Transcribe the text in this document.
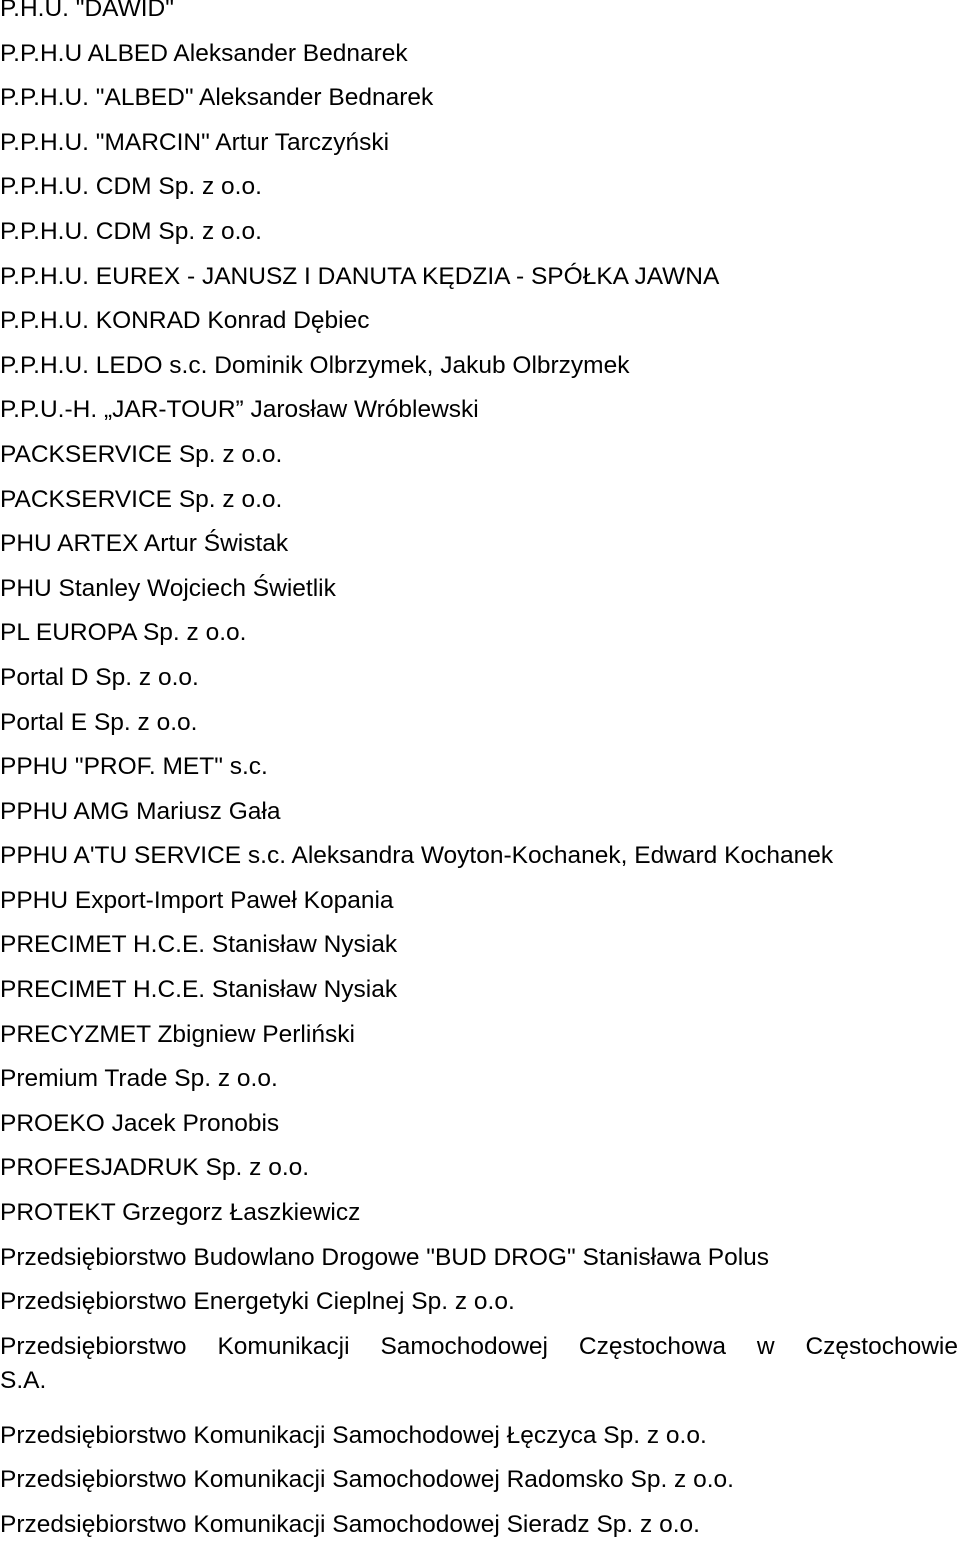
P.H.U. "DAWID"
P.P.H.U ALBED Aleksander Bednarek
P.P.H.U. "ALBED" Aleksander Bednarek
P.P.H.U. "MARCIN" Artur Tarczyński
P.P.H.U. CDM Sp. z o.o.
P.P.H.U. CDM Sp. z o.o.
P.P.H.U. EUREX - JANUSZ I DANUTA KĘDZIA - SPÓŁKA JAWNA
P.P.H.U. KONRAD Konrad Dębiec
P.P.H.U. LEDO s.c. Dominik Olbrzymek, Jakub Olbrzymek
P.P.U.-H. „JAR-TOUR” Jarosław Wróblewski
PACKSERVICE Sp. z o.o.
PACKSERVICE Sp. z o.o.
PHU ARTEX Artur Świstak
PHU Stanley Wojciech Świetlik
PL EUROPA Sp. z o.o.
Portal D Sp. z o.o.
Portal E Sp. z o.o.
PPHU "PROF. MET" s.c.
PPHU AMG Mariusz Gała
PPHU A'TU SERVICE s.c. Aleksandra Woyton-Kochanek, Edward Kochanek
PPHU Export-Import Paweł Kopania
PRECIMET H.C.E. Stanisław Nysiak
PRECIMET H.C.E. Stanisław Nysiak
PRECYZMET Zbigniew Perliński
Premium Trade Sp. z o.o.
PROEKO Jacek Pronobis
PROFESJADRUK Sp. z o.o.
PROTEKT Grzegorz Łaszkiewicz
Przedsiębiorstwo Budowlano Drogowe "BUD DROG" Stanisława Polus
Przedsiębiorstwo Energetyki Cieplnej Sp. z o.o.
Przedsiębiorstwo Komunikacji Samochodowej Częstochowa w Częstochowie
S.A.
Przedsiębiorstwo Komunikacji Samochodowej Łęczyca Sp. z o.o.
Przedsiębiorstwo Komunikacji Samochodowej Radomsko Sp. z o.o.
Przedsiębiorstwo Komunikacji Samochodowej Sieradz Sp. z o.o.
